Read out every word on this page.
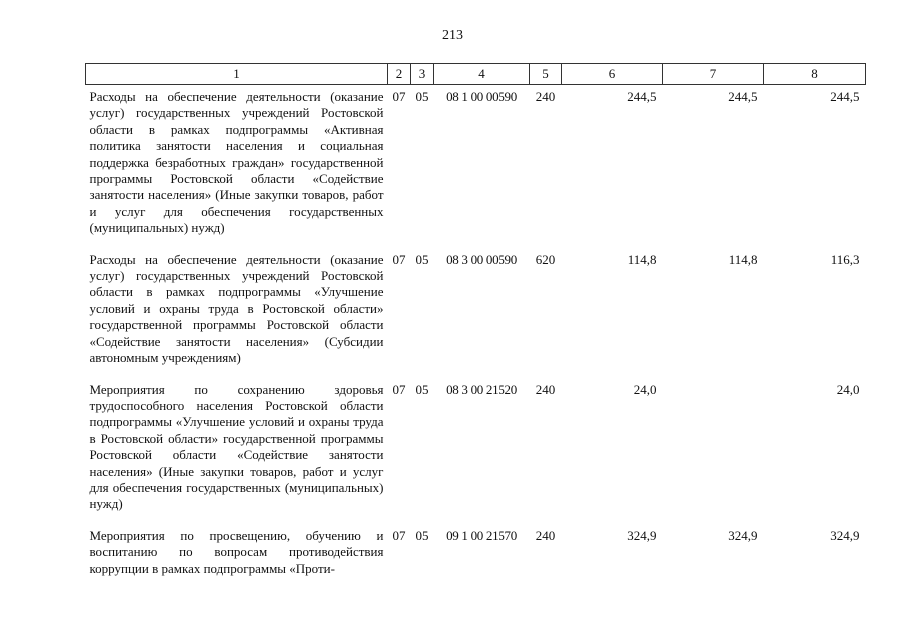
213
1	2	3	4	5	6	7	8
Расходы на обеспечение деятельности (оказание услуг) государственных учреждений Ростовской области в рамках подпрограммы «Активная политика занятости населения и социальная поддержка безработных граждан» государственной программы Ростовской области «Содействие занятости населения» (Иные закупки товаров, работ и услуг для обеспечения государственных (муниципальных) нужд)	07	05	08 1 00 00590	240	244,5	244,5	244,5
Расходы на обеспечение деятельности (оказание услуг) государственных учреждений Ростовской области в рамках подпрограммы «Улучшение условий и охраны труда в Ростовской области» государственной программы Ростовской области «Содействие занятости населения» (Субсидии автономным учреждениям)	07	05	08 3 00 00590	620	114,8	114,8	116,3
Мероприятия по сохранению здоровья трудоспособного населения Ростовской области подпрограммы «Улучшение условий и охраны труда в Ростовской области» государственной программы Ростовской области «Содействие занятости населения» (Иные закупки товаров, работ и услуг для обеспечения государственных (муниципальных) нужд)	07	05	08 3 00 21520	240	24,0		24,0
Мероприятия по просвещению, обучению и воспитанию по вопросам противодействия коррупции в рамках подпрограммы «Проти-	07	05	09 1 00 21570	240	324,9	324,9	324,9
